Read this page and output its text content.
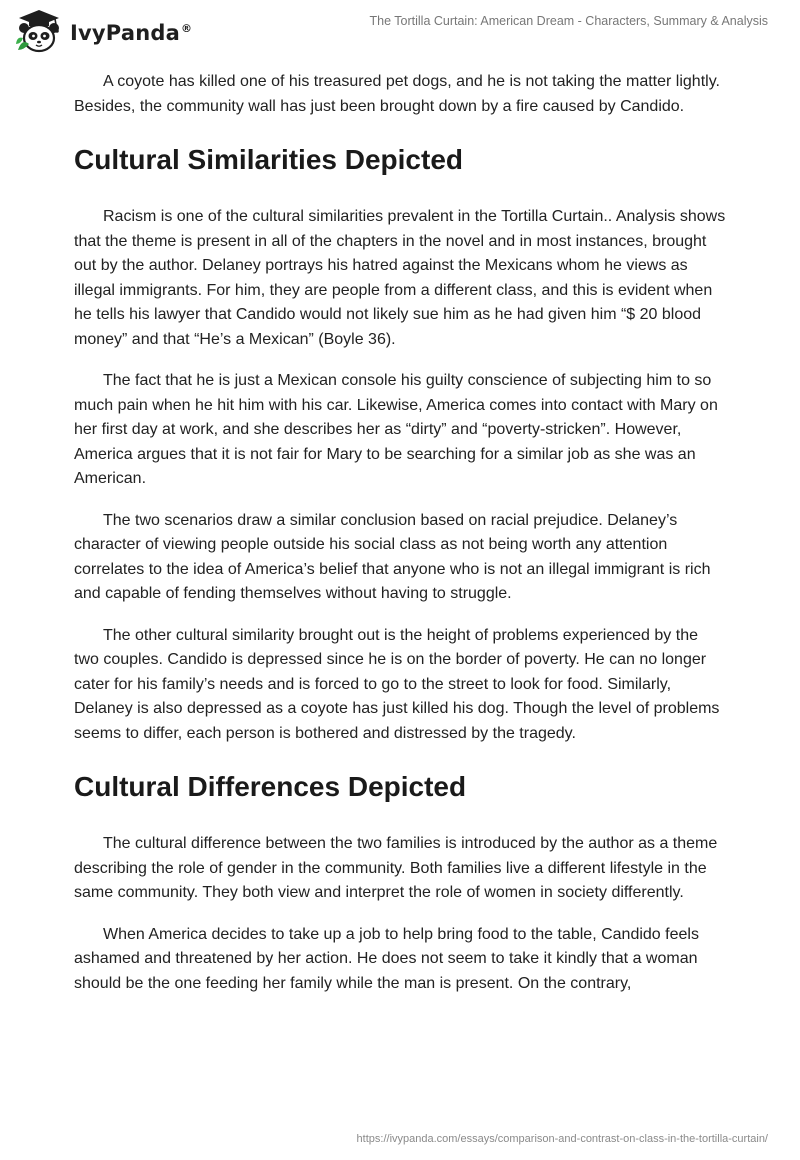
IvyPanda®
The Tortilla Curtain: American Dream - Characters, Summary & Analysis

A coyote has killed one of his treasured pet dogs, and he is not taking the matter lightly. Besides, the community wall has just been brought down by a fire caused by Candido.

Cultural Similarities Depicted

Racism is one of the cultural similarities prevalent in the Tortilla Curtain.. Analysis shows that the theme is present in all of the chapters in the novel and in most instances, brought out by the author. Delaney portrays his hatred against the Mexicans whom he views as illegal immigrants. For him, they are people from a different class, and this is evident when he tells his lawyer that Candido would not likely sue him as he had given him “$ 20 blood money” and that “He’s a Mexican” (Boyle 36).

The fact that he is just a Mexican console his guilty conscience of subjecting him to so much pain when he hit him with his car. Likewise, America comes into contact with Mary on her first day at work, and she describes her as “dirty” and “poverty-stricken”. However, America argues that it is not fair for Mary to be searching for a similar job as she was an American.

The two scenarios draw a similar conclusion based on racial prejudice. Delaney’s character of viewing people outside his social class as not being worth any attention correlates to the idea of America’s belief that anyone who is not an illegal immigrant is rich and capable of fending themselves without having to struggle.

The other cultural similarity brought out is the height of problems experienced by the two couples. Candido is depressed since he is on the border of poverty. He can no longer cater for his family’s needs and is forced to go to the street to look for food. Similarly, Delaney is also depressed as a coyote has just killed his dog. Though the level of problems seems to differ, each person is bothered and distressed by the tragedy.

Cultural Differences Depicted

The cultural difference between the two families is introduced by the author as a theme describing the role of gender in the community. Both families live a different lifestyle in the same community. They both view and interpret the role of women in society differently.

When America decides to take up a job to help bring food to the table, Candido feels ashamed and threatened by her action. He does not seem to take it kindly that a woman should be the one feeding her family while the man is present. On the contrary,

https://ivypanda.com/essays/comparison-and-contrast-on-class-in-the-tortilla-curtain/
